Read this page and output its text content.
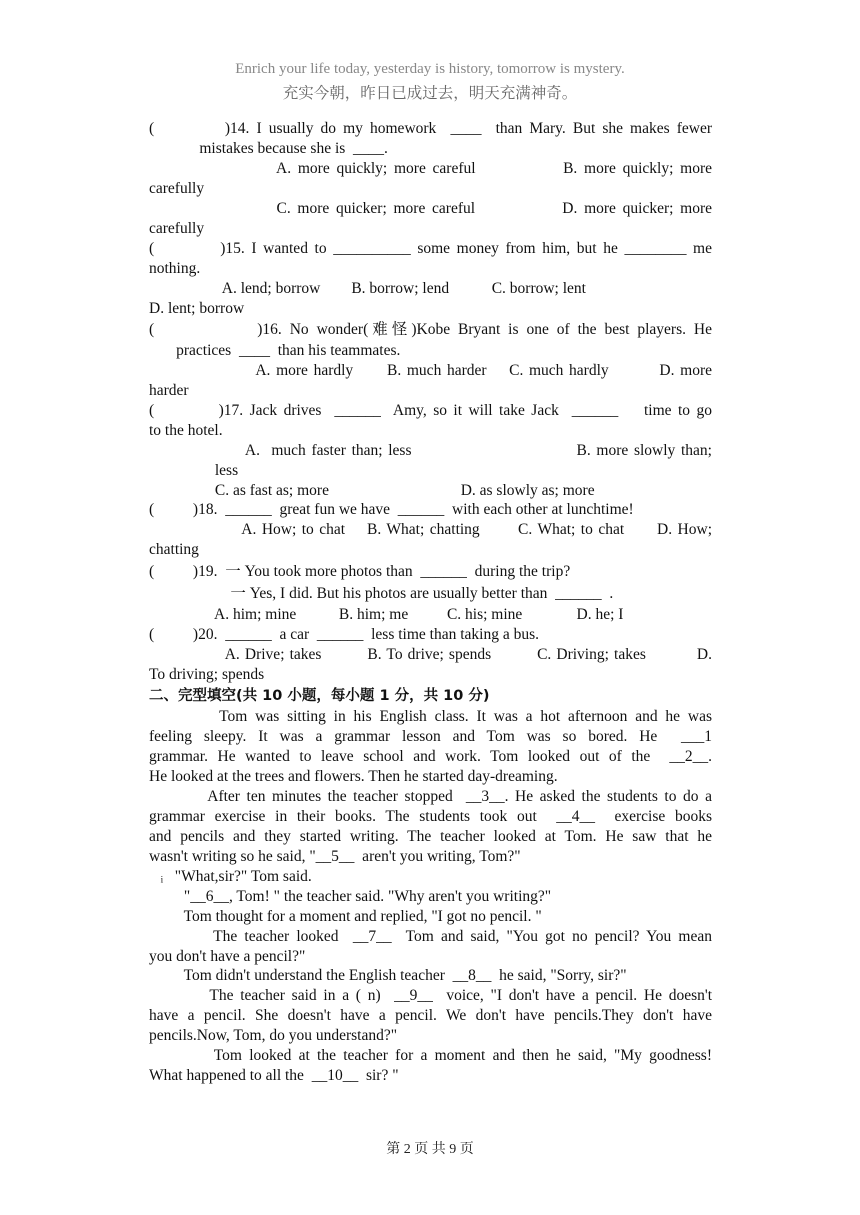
Enrich your life today, yesterday is history, tomorrow is mystery.
充实今朝，昨日已成过去，明天充满神奇。
(          )14. I usually do my homework  ____  than Mary. But she makes fewer
mistakes because she is  ____.
A. more quickly; more careful             B. more quickly; more
carefully
C. more quicker; more careful             D. more quicker; more
carefully
(          )15. I wanted to __________ some money from him, but he ________ me
nothing.
A. lend; borrow        B. borrow; lend           C. borrow; lent
D. lent; borrow
(             )16. No wonder(难怪)Kobe Bryant is one of the best players. He
practices  ____  than his teammates.
A. more hardly      B. much harder    C. much hardly         D. more
harder
(          )17. Jack drives  ______  Amy, so it will take Jack  ______    time to go
to the hotel.
A.  much faster than; less                             B. more slowly than;
less
C. as fast as; more                                  D. as slowly as; more
(          )18.  ______  great fun we have  ______  with each other at lunchtime!
A. How; to chat    B. What; chatting       C. What; to chat      D. How;
chatting
(          )19.  一 You took more photos than  ______  during the trip?
一 Yes, I did. But his photos are usually better than  ______  .
A. him; mine           B. him; me          C. his; mine              D. he; I
(          )20.  ______  a car  ______  less time than taking a bus.
A. Drive; takes         B. To drive; spends         C. Driving; takes          D.
To driving; spends
二、完型填空(共 10 小题，每小题 1 分，共 10 分)
Tom was sitting in his English class. It was a hot afternoon and he was
feeling sleepy. It was a grammar lesson and Tom was so bored. He  ___1
grammar. He wanted to leave school and work. Tom looked out of the  __2__.
He looked at the trees and flowers. Then he started day-dreaming.
After ten minutes the teacher stopped  __3__. He asked the students to do a
grammar exercise in their books. The students took out  __4__  exercise books
and pencils and they started writing. The teacher looked at Tom. He saw that he
wasn't writing so he said, "__5__  aren't you writing, Tom?"
ᵢ   "What,sir?" Tom said.
"__6__, Tom! " the teacher said. "Why aren't you writing?"
Tom thought for a moment and replied, "I got no pencil. "
The teacher looked  __7__  Tom and said, "You got no pencil? You mean
you don't have a pencil?"
Tom didn't understand the English teacher  __8__  he said, "Sorry, sir?"
The teacher said in a ( n)  __9__  voice, "I don't have a pencil. He doesn't
have a pencil. She doesn't have a pencil. We don't have pencils.They don't have
pencils.Now, Tom, do you understand?"
Tom looked at the teacher for a moment and then he said, "My goodness!
What happened to all the  __10__  sir? "
第 2 页 共 9 页
